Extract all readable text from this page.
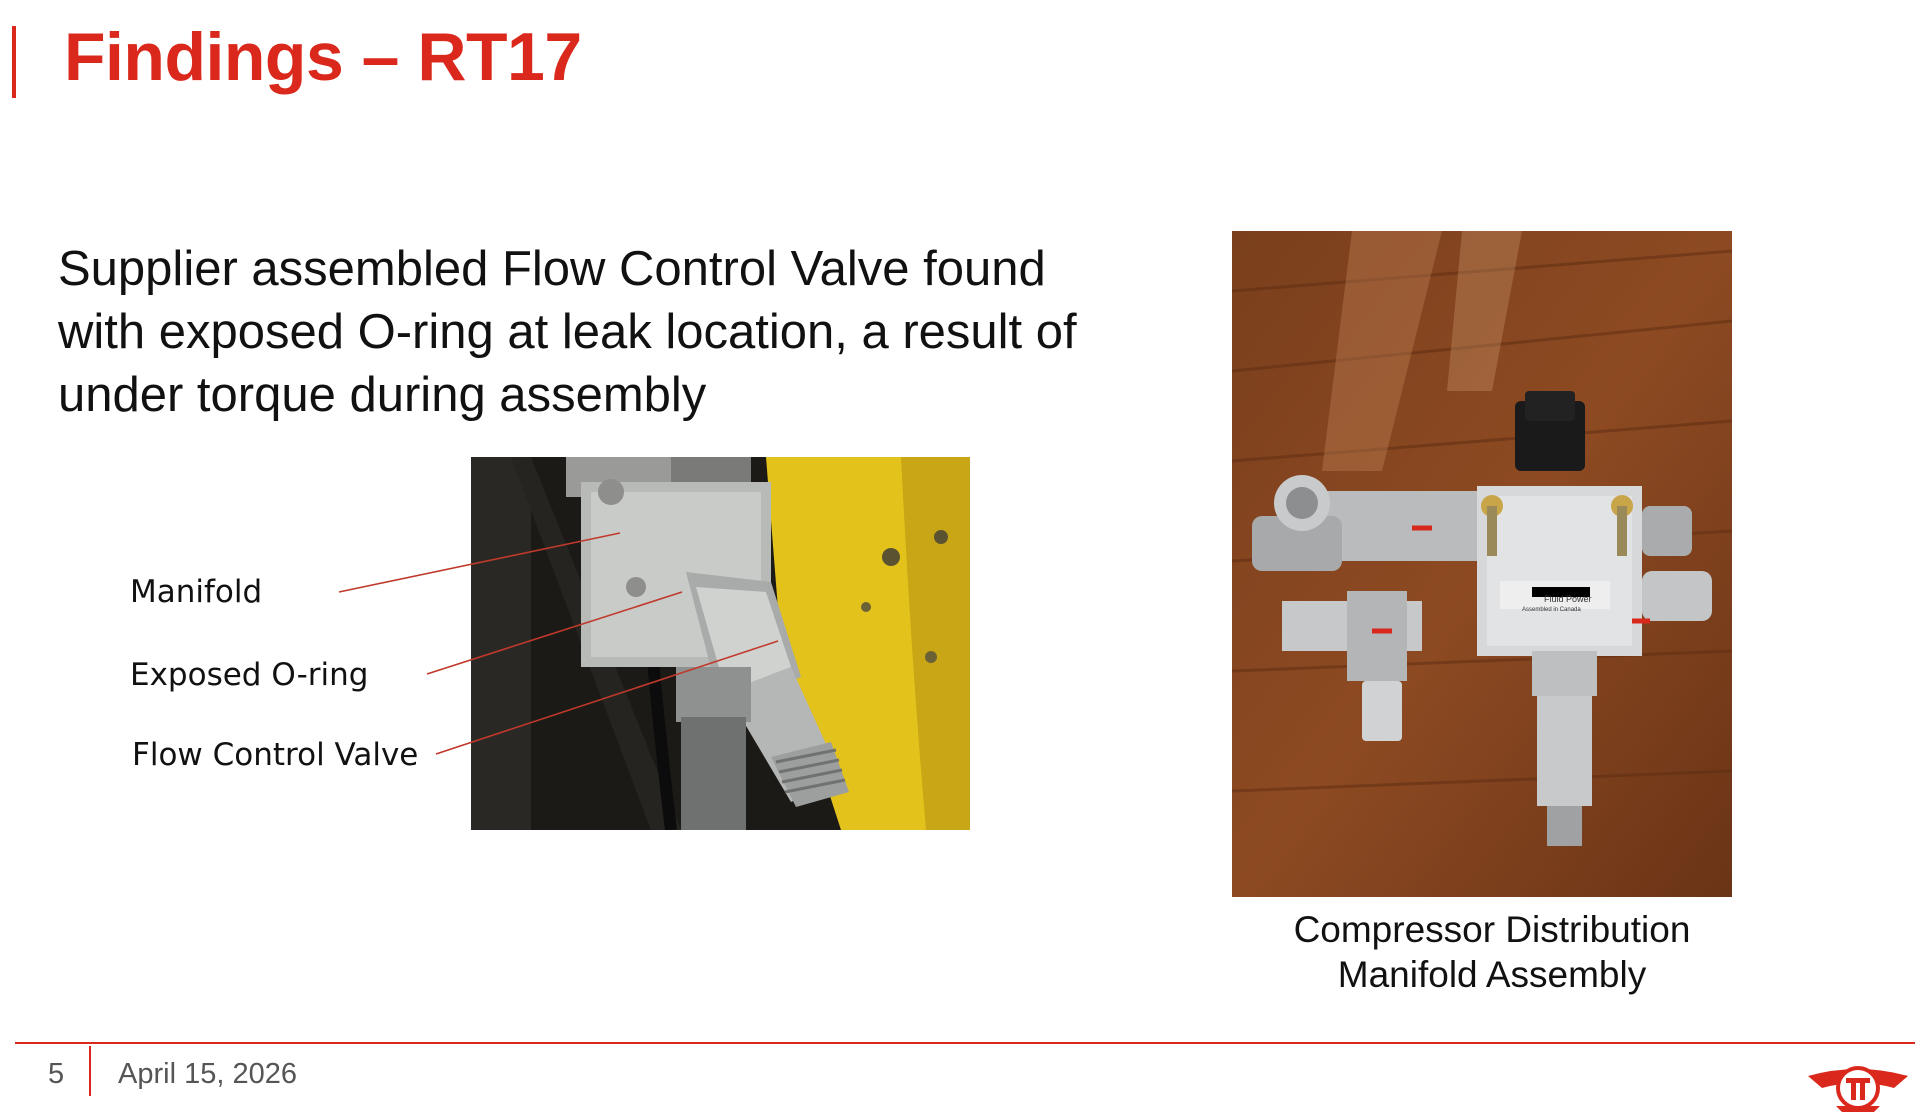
Findings – RT17

Supplier assembled Flow Control Valve found with exposed O-ring at leak location, a result of under torque during assembly

Manifold
Exposed O-ring
Flow Control Valve
Fluid Power
Assembled in Canada
Compressor Distribution
Manifold Assembly
5 April 15, 2026
